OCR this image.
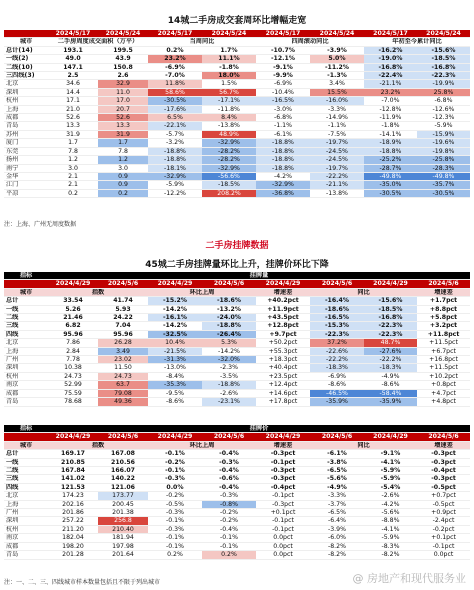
14城二手房成交套周环比增幅走宽
	2024/5/17	2024/5/24	2024/5/17	2024/5/24	2024/5/17	2024/5/24	2024/5/17	2024/5/24
城市	二手房周度成交面积（万平）		当周同比		四周滚动同比		年初至今累计同比	
总计(14)	193.1	199.5	0.2%	1.7%	-10.7%	-3.9%	-16.2%	-15.6%
一线(2)	49.0	43.9	23.2%	11.1%	-12.1%	5.0%	-19.0%	-18.5%
二线(10)	147.1	150.8	-6.9%	-1.8%	-9.1%	-11.2%	-16.8%	-16.8%
三四线(3)	2.5	2.6	-7.0%	18.0%	-9.9%	-1.3%	-22.4%	-22.3%
北京	34.6	32.9	11.8%	1.5%	-6.9%	3.4%	-21.1%	-19.9%
深圳	14.4	11.0	58.6%	56.7%	-10.4%	15.5%	23.2%	25.8%
杭州	17.1	17.0	-30.5%	-17.1%	-16.5%	-16.0%	-7.0%	-6.8%
上海	21.0	20.7	-17.6%	-11.8%	-3.0%	-3.3%	-12.8%	-12.6%
成都	52.6	52.6	6.5%	8.4%	-6.8%	-14.9%	-11.9%	-12.3%
青岛	13.3	13.3	-22.1%	-13.8%	-1.1%	-1.1%	-1.8%	-5.9%
苏州	31.9	31.9	-5.7%	48.9%	-6.1%	-7.5%	-14.1%	-15.9%
厦门	1.7	1.7	-3.2%	-32.9%	-18.8%	-19.7%	-18.9%	-19.6%
东莞	7.8	7.8	-18.8%	-28.2%	-18.8%	-24.5%	-18.8%	-19.8%
扬州	1.2	1.2	-18.8%	-28.2%	-18.8%	-24.5%	-25.2%	-25.8%
南宁	3.0	3.0	-18.1%	-32.9%	-18.8%	-19.7%	-28.7%	-28.3%
金华	2.1	0.9	-32.9%	-56.6%	-4.2%	-22.2%	-49.8%	-49.8%
江门	2.1	0.9	-5.9%	-18.5%	-32.9%	-21.1%	-35.0%	-35.7%
平凉	0.2	0.2	-12.2%	208.2%	-36.8%	-13.8%	-30.5%	-30.5%
注：上海、广州无周度数据
二手房挂牌数据
45城二手房挂牌量环比上升，挂牌价环比下降
指标	挂牌量							
	2024/4/29	2024/5/6	2024/4/29	2024/5/6	2024/4/29	2024/5/6	2024/4/29	2024/5/6
城市	指数		环比上周		增速差	同比		增速差
总计	33.54	41.74	-15.2%	-18.6%	+40.2pct	-16.4%	-15.6%	+1.7pct
一线	5.26	5.93	-14.2%	-13.2%	+11.9pct	-18.6%	-18.5%	+8.8pct
二线	21.46	24.22	-16.1%	-24.0%	+43.5pct	-16.5%	-16.8%	+5.8pct
三线	6.82	7.04	-14.2%	-18.8%	+12.8pct	-15.3%	-22.3%	+3.2pct
四线	95.96	95.96	-32.5%	-26.4%	+9.7pct	-22.3%	-22.3%	+11.8pct
北京	7.86	26.28	10.4%	5.3%	+50.2pct	37.2%	48.7%	+11.5pct
上海	2.84	3.49	-21.5%	-14.2%	+55.3pct	-22.6%	-27.6%	+6.7pct
广州	7.78	23.02	-31.3%	-32.0%	+18.3pct	-22.2%	-22.2%	+16.8pct
深圳	10.38	11.50	-13.0%	-2.3%	+40.4pct	-18.3%	-18.3%	+11.5pct
杭州	24.73	24.73	-8.4%	-3.5%	+23.5pct	-6.9%	-4.9%	+10.2pct
南京	52.99	63.7	-35.3%	-18.8%	+12.4pct	-8.6%	-8.6%	+0.8pct
成都	75.59	79.08	-9.5%	-2.6%	+14.6pct	-46.5%	-58.4%	+4.7pct
青岛	78.68	49.36	-8.6%	-23.1%	+17.8pct	-35.9%	-35.9%	+4.8pct
指标	挂牌价							
	2024/4/29	2024/5/6	2024/4/29	2024/5/6	2024/4/29	2024/5/6	2024/4/29	2024/5/6
城市	指数		环比上周		增速差	同比		增速差
总计	169.17	167.08	-0.1%	-0.4%	-0.3pct	-6.1%	-9.1%	-0.3pct
一线	210.85	210.56	-0.2%	-0.3%	-0.1pct	-3.8%	-4.1%	-0.3pct
二线	167.84	166.07	-0.1%	-0.4%	-0.3pct	-6.5%	-5.9%	-0.4pct
三线	141.02	140.22	-0.3%	-0.6%	-0.3pct	-5.6%	-5.9%	-0.3pct
四线	121.53	121.06	0.0%	-0.4%	-0.4pct	-4.9%	-5.4%	-0.5pct
北京	174.23	173.77	-0.2%	-0.3%	-0.1pct	-3.3%	-2.6%	+0.7pct
上海	202.16	200.45	-0.5%	-0.8%	-0.3pct	-3.7%	-4.2%	-0.5pct
广州	201.86	201.38	-0.3%	-0.2%	+0.1pct	-6.5%	-5.6%	+0.9pct
深圳	257.22	256.8	-0.1%	-0.2%	-0.1pct	-6.4%	-8.8%	-2.4pct
杭州	211.20	210.40	-0.3%	-0.4%	-0.1pct	-3.9%	-4.1%	-0.2pct
南京	182.04	181.94	-0.1%	-0.1%	0.0pct	-6.0%	-5.9%	+0.1pct
成都	198.20	197.98	-0.1%	-0.1%	0.0pct	-8.2%	-8.3%	-0.1pct
青岛	201.28	201.64	0.2%	0.2%	0.0pct	-8.2%	-8.2%	0.0pct
注：一、二、三、四线城市样本数量包括且不限于列出城市	@ 房地产和现代服务业
